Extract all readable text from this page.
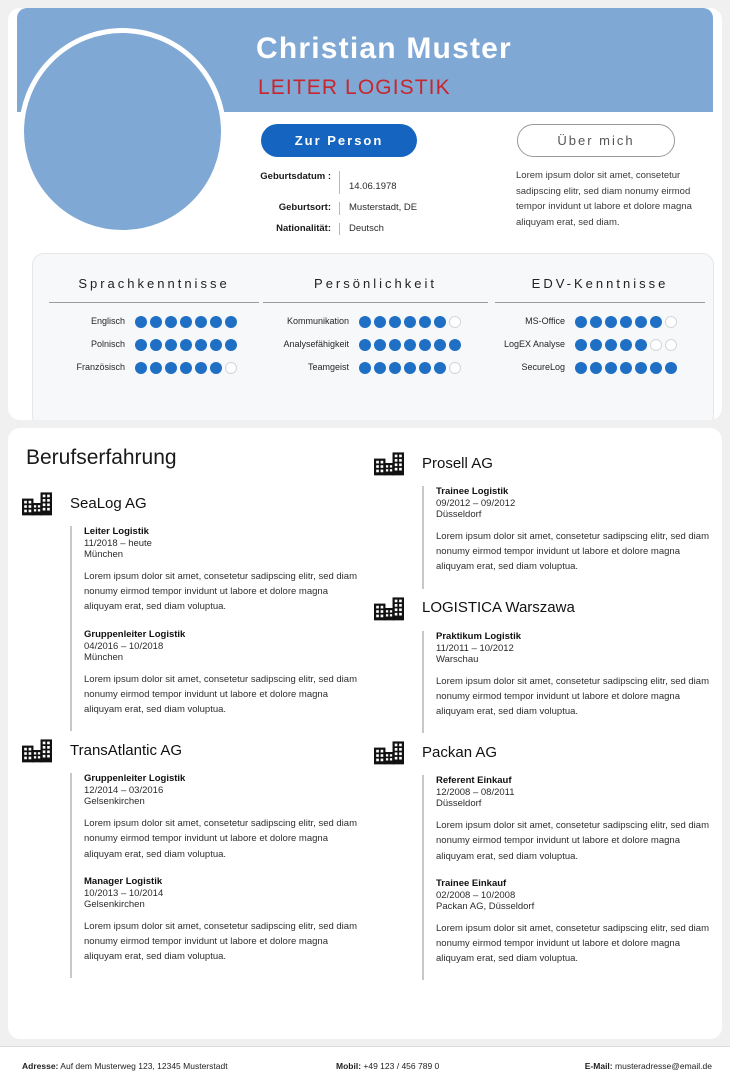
Christian Muster
LEITER LOGISTIK
Zur Person	Über mich
Geburtsdatum :
14.06.1978
Geburtsort:	Musterstadt, DE
Nationalität:	Deutsch
Lorem ipsum dolor sit amet, consetetur sadipscing elitr, sed diam nonumy eirmod tempor invidunt ut labore et dolore magna aliquyam erat, sed diam.
Sprachkenntnisse
Englisch
Polnisch
Französisch
Persönlichkeit
Kommunikation
Analysefähigkeit
Teamgeist
EDV-Kenntnisse
MS-Office
LogEX Analyse
SecureLog
Berufserfahrung
SeaLog AG
Leiter Logistik
11/2018 – heute
München
Lorem ipsum dolor sit amet, consetetur sadipscing elitr, sed diam nonumy eirmod tempor invidunt ut labore et dolore magna aliquyam erat, sed diam voluptua.
Gruppenleiter Logistik
04/2016 – 10/2018
München
Lorem ipsum dolor sit amet, consetetur sadipscing elitr, sed diam nonumy eirmod tempor invidunt ut labore et dolore magna aliquyam erat, sed diam voluptua.
TransAtlantic AG
Gruppenleiter Logistik
12/2014 – 03/2016
Gelsenkirchen
Lorem ipsum dolor sit amet, consetetur sadipscing elitr, sed diam nonumy eirmod tempor invidunt ut labore et dolore magna aliquyam erat, sed diam voluptua.
Manager Logistik
10/2013 – 10/2014
Gelsenkirchen
Lorem ipsum dolor sit amet, consetetur sadipscing elitr, sed diam nonumy eirmod tempor invidunt ut labore et dolore magna aliquyam erat, sed diam voluptua.
Prosell AG
Trainee Logistik
09/2012 – 09/2012
Düsseldorf
Lorem ipsum dolor sit amet, consetetur sadipscing elitr, sed diam nonumy eirmod tempor invidunt ut labore et dolore magna aliquyam erat, sed diam voluptua.
LOGISTICA Warszawa
Praktikum Logistik
11/2011 – 10/2012
Warschau
Lorem ipsum dolor sit amet, consetetur sadipscing elitr, sed diam nonumy eirmod tempor invidunt ut labore et dolore magna aliquyam erat, sed diam voluptua.
Packan AG
Referent Einkauf
12/2008 – 08/2011
Düsseldorf
Lorem ipsum dolor sit amet, consetetur sadipscing elitr, sed diam nonumy eirmod tempor invidunt ut labore et dolore magna aliquyam erat, sed diam voluptua.
Trainee Einkauf
02/2008 – 10/2008
Packan AG, Düsseldorf
Lorem ipsum dolor sit amet, consetetur sadipscing elitr, sed diam nonumy eirmod tempor invidunt ut labore et dolore magna aliquyam erat, sed diam voluptua.
Adresse: Auf dem Musterweg 123, 12345 Musterstadt	Mobil: +49 123 / 456 789 0	E-Mail: musteradresse@email.de
